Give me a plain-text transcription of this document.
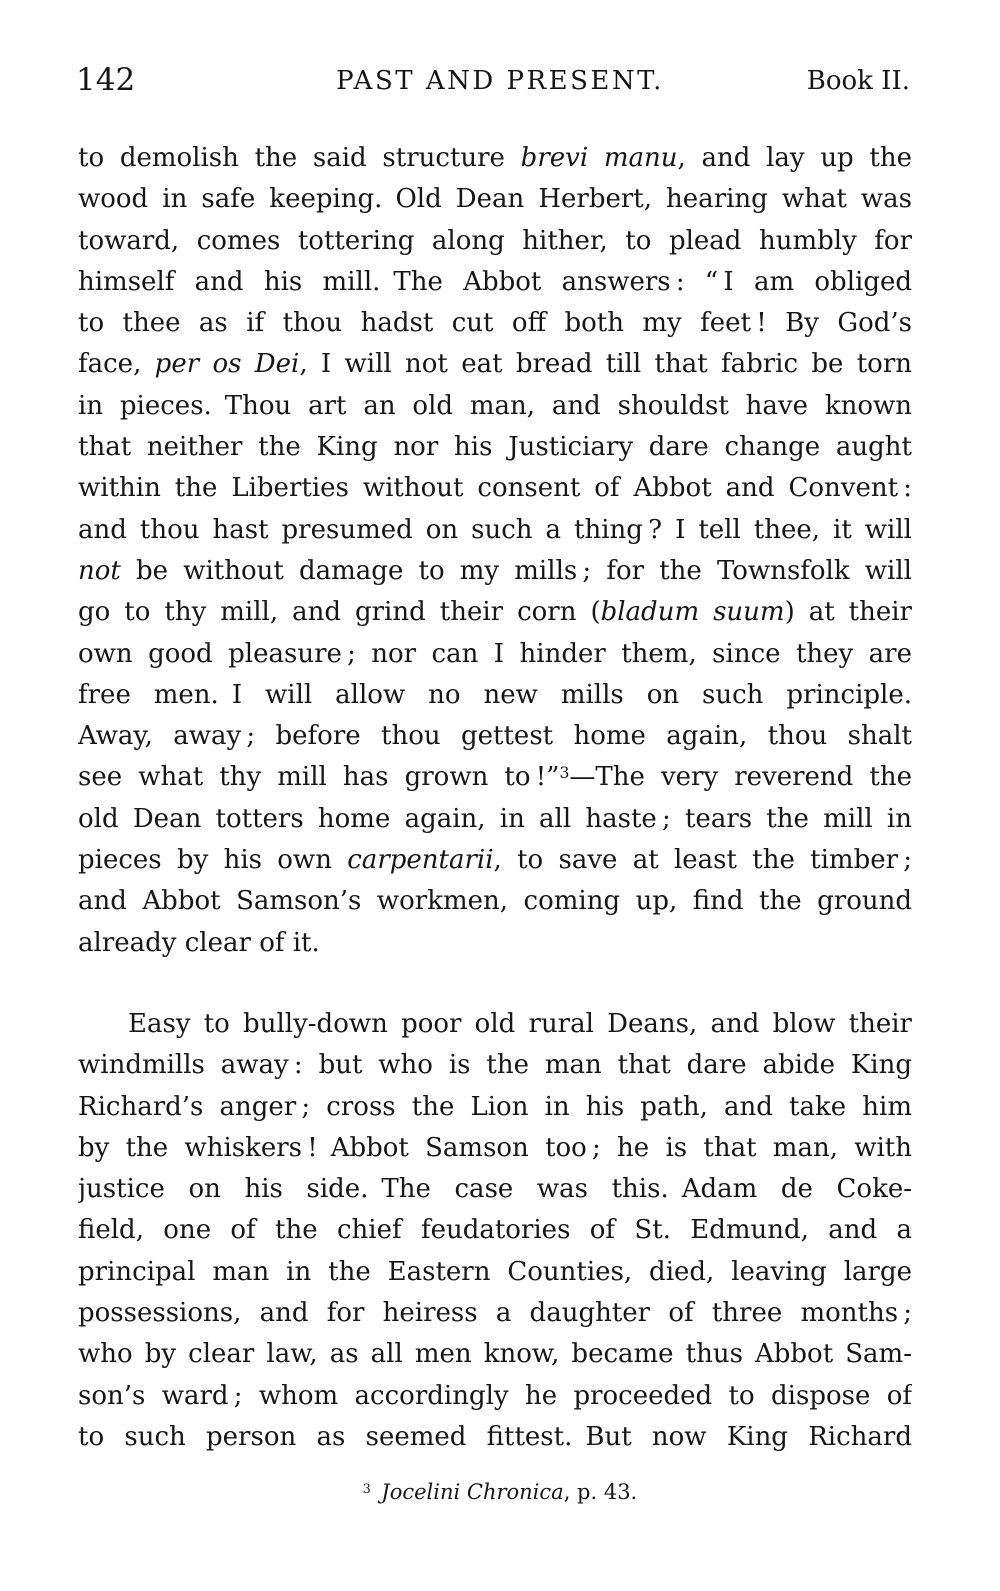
142	PAST AND PRESENT.	Book II.
to demolish the said structure brevi manu, and lay up the
wood in safe keeping. Old Dean Herbert, hearing what was
toward, comes tottering along hither, to plead humbly for
himself and his mill. The Abbot answers : “ I am obliged
to thee as if thou hadst cut off both my feet ! By God’s
face, per os Dei, I will not eat bread till that fabric be torn
in pieces. Thou art an old man, and shouldst have known
that neither the King nor his Justiciary dare change aught
within the Liberties without consent of Abbot and Convent :
and thou hast presumed on such a thing ? I tell thee, it will
not be without damage to my mills ; for the Townsfolk will
go to thy mill, and grind their corn (bladum suum) at their
own good pleasure ; nor can I hinder them, since they are
free men. I will allow no new mills on such principle.
Away, away ; before thou gettest home again, thou shalt
see what thy mill has grown to !”$^3$—The very reverend the
old Dean totters home again, in all haste ; tears the mill in
pieces by his own carpentarii, to save at least the timber ;
and Abbot Samson’s workmen, coming up, find the ground
already clear of it.
Easy to bully-down poor old rural Deans, and blow their
windmills away : but who is the man that dare abide King
Richard’s anger ; cross the Lion in his path, and take him
by the whiskers ! Abbot Samson too ; he is that man, with
justice on his side. The case was this. Adam de Coke-
field, one of the chief feudatories of St. Edmund, and a
principal man in the Eastern Counties, died, leaving large
possessions, and for heiress a daughter of three months ;
who by clear law, as all men know, became thus Abbot Sam-
son’s ward ; whom accordingly he proceeded to dispose of
to such person as seemed fittest. But now King Richard
$^3$  Jocelini Chronica, p. 43.
